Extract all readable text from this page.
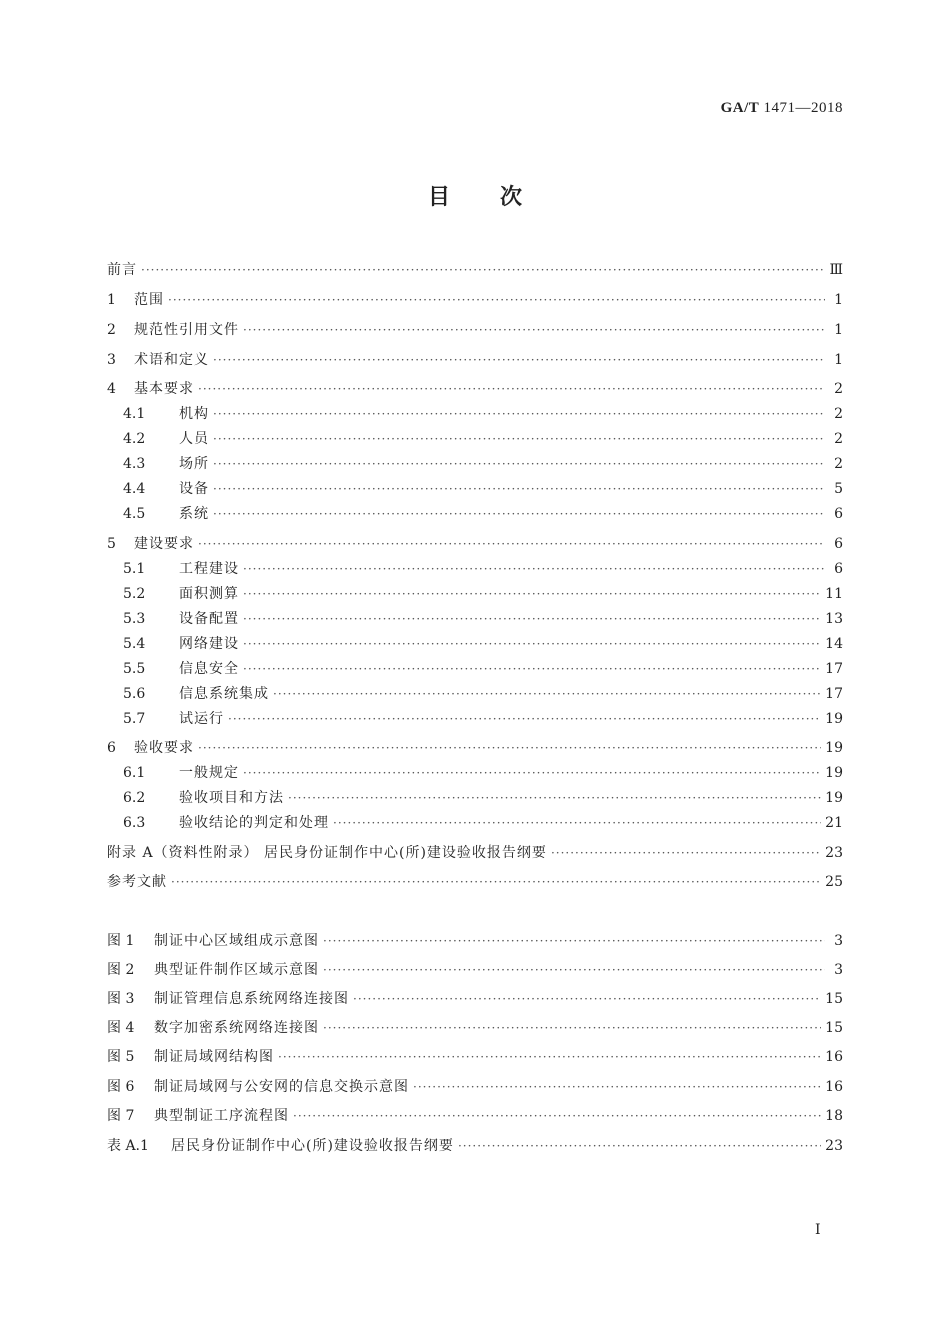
GA/T 1471—2018
目次
前言 ·····	Ⅲ
1	范围 ·····	1
2	规范性引用文件 ·····	1
3	术语和定义 ·····	1
4	基本要求 ·····	2
4.1	机构 ·····	2
4.2	人员 ·····	2
4.3	场所 ·····	2
4.4	设备 ·····	5
4.5	系统 ·····	6
5	建设要求 ·····	6
5.1	工程建设 ·····	6
5.2	面积测算 ·····	11
5.3	设备配置 ·····	13
5.4	网络建设 ·····	14
5.5	信息安全 ·····	17
5.6	信息系统集成 ·····	17
5.7	试运行 ·····	19
6	验收要求 ·····	19
6.1	一般规定 ·····	19
6.2	验收项目和方法 ·····	19
6.3	验收结论的判定和处理 ·····	21
附录 A（资料性附录） 居民身份证制作中心(所)建设验收报告纲要 ·····	23
参考文献 ·····	25
图 1	制证中心区域组成示意图 ·····	3
图 2	典型证件制作区域示意图 ·····	3
图 3	制证管理信息系统网络连接图 ·····	15
图 4	数字加密系统网络连接图 ·····	15
图 5	制证局域网结构图 ·····	16
图 6	制证局域网与公安网的信息交换示意图 ·····	16
图 7	典型制证工序流程图 ·····	18
表 A.1	居民身份证制作中心(所)建设验收报告纲要 ·····	23
Ⅰ
